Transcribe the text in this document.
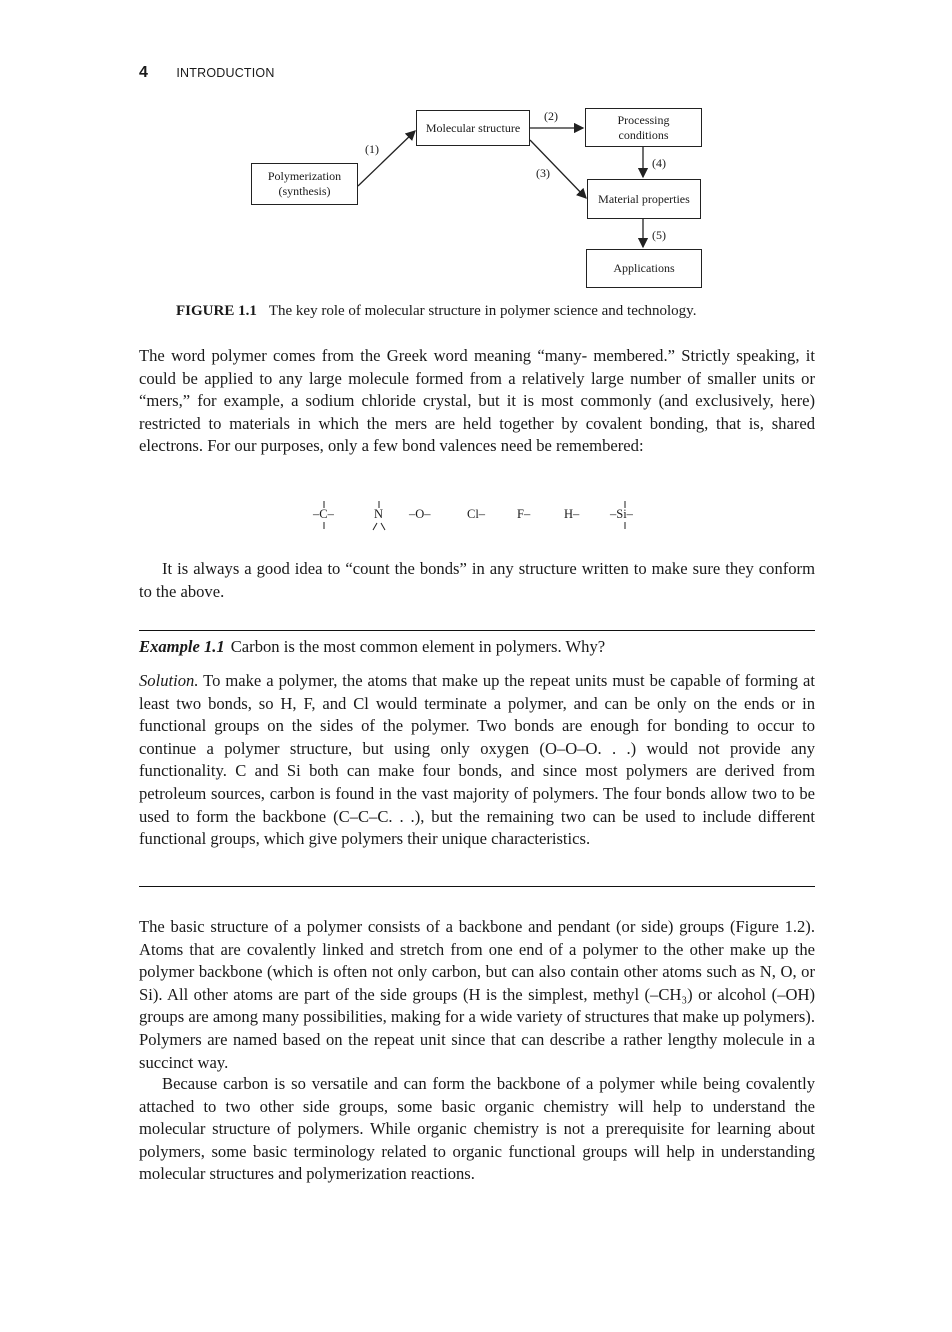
4 INTRODUCTION
Polymerization
(synthesis)
Molecular structure
Processing
conditions
Material properties
Applications
(1)
(2)
(3)
(4)
(5)
FIGURE 1.1 The key role of molecular structure in polymer science and technology.

The word polymer comes from the Greek word meaning “many- membered.” Strictly speaking, it could be applied to any large molecule formed from a relatively large number of smaller units or “mers,” for example, a sodium chloride crystal, but it is most commonly (and exclusively, here) restricted to materials in which the mers are held together by covalent bonding, that is, shared electrons. For our purposes, only a few bond valences need be remembered:

–C–	N –O–	Cl–	F–	H– –Si–

It is always a good idea to “count the bonds” in any structure written to make sure they conform to the above.

Example 1.1 Carbon is the most common element in polymers. Why?

Solution. To make a polymer, the atoms that make up the repeat units must be capable of forming at least two bonds, so H, F, and Cl would terminate a polymer, and can be only on the ends or in functional groups on the sides of the polymer. Two bonds are enough for bonding to occur to continue a polymer structure, but using only oxygen (O–O–O. . .) would not provide any functionality. C and Si both can make four bonds, and since most polymers are derived from petroleum sources, carbon is found in the vast majority of polymers. The four bonds allow two to be used to form the backbone (C–C–C. . .), but the remaining two can be used to include different functional groups, which give polymers their unique characteristics.

The basic structure of a polymer consists of a backbone and pendant (or side) groups (Figure 1.2). Atoms that are covalently linked and stretch from one end of a polymer to the other make up the polymer backbone (which is often not only carbon, but can also contain other atoms such as N, O, or Si). All other atoms are part of the side groups (H is the simplest, methyl (–CH₃) or alcohol (–OH) groups are among many possibilities, making for a wide variety of structures that make up polymers). Polymers are named based on the repeat unit since that can describe a rather lengthy molecule in a succinct way.

Because carbon is so versatile and can form the backbone of a polymer while being covalently attached to two other side groups, some basic organic chemistry will help to understand the molecular structure of polymers. While organic chemistry is not a prerequisite for learning about polymers, some basic terminology related to organic functional groups will help in understanding molecular structures and polymerization reactions.
